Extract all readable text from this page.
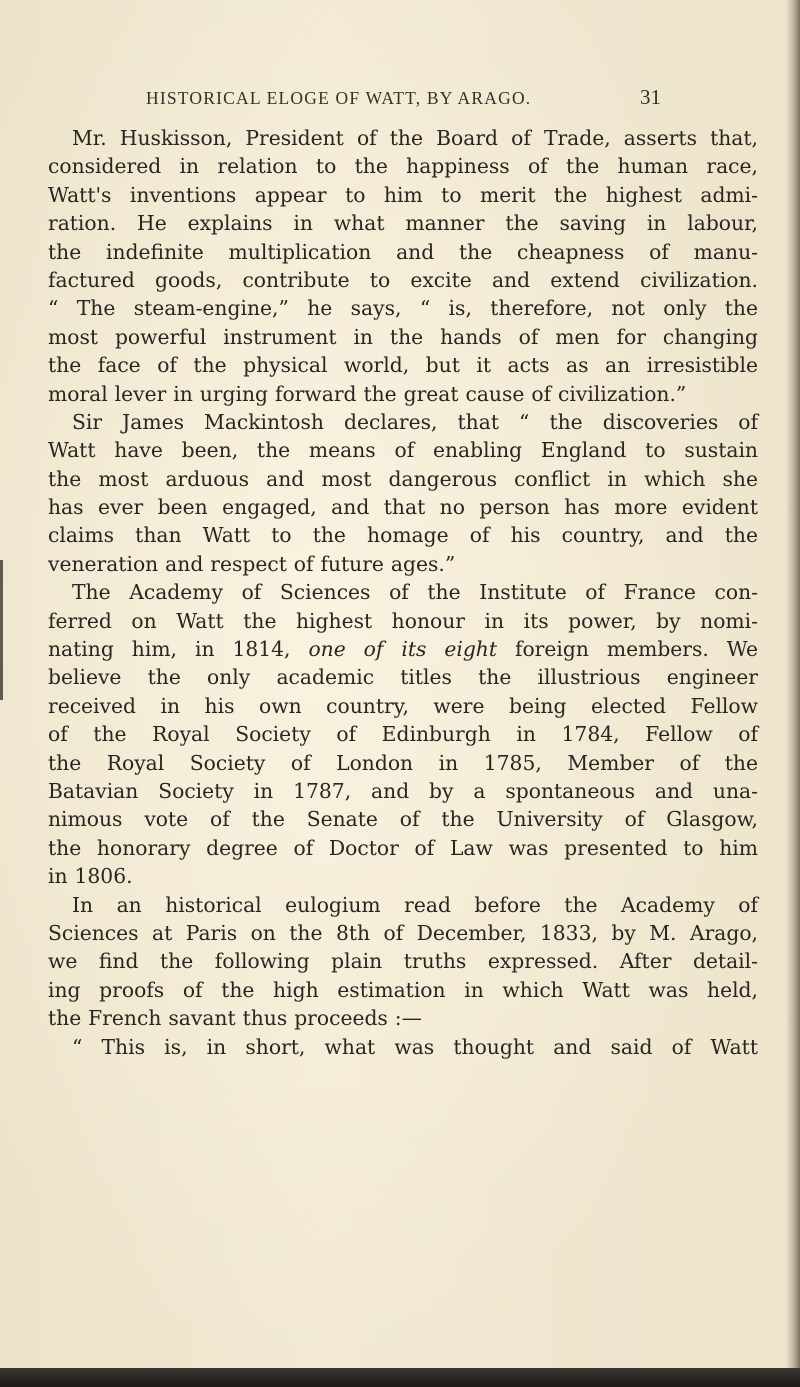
HISTORICAL ELOGE OF WATT, BY ARAGO.	31
Mr. Huskisson, President of the Board of Trade, asserts that,
considered in relation to the happiness of the human race,
Watt's inventions appear to him to merit the highest admi-
ration. He explains in what manner the saving in labour,
the indefinite multiplication and the cheapness of manu-
factured goods, contribute to excite and extend civilization.
“ The steam-engine,” he says, “ is, therefore, not only the
most powerful instrument in the hands of men for changing
the face of the physical world, but it acts as an irresistible
moral lever in urging forward the great cause of civilization.”
Sir James Mackintosh declares, that “ the discoveries of
Watt have been, the means of enabling England to sustain
the most arduous and most dangerous conflict in which she
has ever been engaged, and that no person has more evident
claims than Watt to the homage of his country, and the
veneration and respect of future ages.”
The Academy of Sciences of the Institute of France con-
ferred on Watt the highest honour in its power, by nomi-
nating him, in 1814, one of its eight foreign members. We
believe the only academic titles the illustrious engineer
received in his own country, were being elected Fellow
of the Royal Society of Edinburgh in 1784, Fellow of
the Royal Society of London in 1785, Member of the
Batavian Society in 1787, and by a spontaneous and una-
nimous vote of the Senate of the University of Glasgow,
the honorary degree of Doctor of Law was presented to him
in 1806.
In an historical eulogium read before the Academy of
Sciences at Paris on the 8th of December, 1833, by M. Arago,
we find the following plain truths expressed. After detail-
ing proofs of the high estimation in which Watt was held,
the French savant thus proceeds :—
“ This is, in short, what was thought and said of Watt
